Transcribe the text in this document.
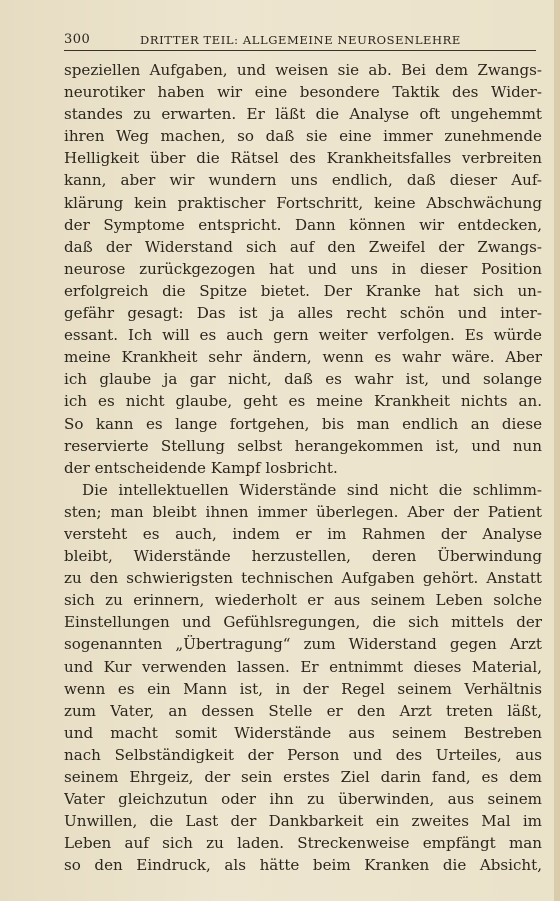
300	DRITTER TEIL: ALLGEMEINE NEUROSENLEHRE
speziellen Aufgaben, und weisen sie ab. Bei dem Zwangs-
neurotiker haben wir eine besondere Taktik des Wider-
standes zu erwarten. Er läßt die Analyse oft ungehemmt
ihren Weg machen, so daß sie eine immer zunehmende
Helligkeit über die Rätsel des Krankheitsfalles verbreiten
kann, aber wir wundern uns endlich, daß dieser Auf-
klärung kein praktischer Fortschritt, keine Abschwächung
der Symptome entspricht. Dann können wir entdecken,
daß der Widerstand sich auf den Zweifel der Zwangs-
neurose zurückgezogen hat und uns in dieser Position
erfolgreich die Spitze bietet. Der Kranke hat sich un-
gefähr gesagt: Das ist ja alles recht schön und inter-
essant. Ich will es auch gern weiter verfolgen. Es würde
meine Krankheit sehr ändern, wenn es wahr wäre. Aber
ich glaube ja gar nicht, daß es wahr ist, und solange
ich es nicht glaube, geht es meine Krankheit nichts an.
So kann es lange fortgehen, bis man endlich an diese
reservierte Stellung selbst herangekommen ist, und nun
der entscheidende Kampf losbricht.
Die intellektuellen Widerstände sind nicht die schlimm-
sten; man bleibt ihnen immer überlegen. Aber der Patient
versteht es auch, indem er im Rahmen der Analyse
bleibt, Widerstände herzustellen, deren Überwindung
zu den schwierigsten technischen Aufgaben gehört. Anstatt
sich zu erinnern, wiederholt er aus seinem Leben solche
Einstellungen und Gefühlsregungen, die sich mittels der
sogenannten „Übertragung“ zum Widerstand gegen Arzt
und Kur verwenden lassen. Er entnimmt dieses Material,
wenn es ein Mann ist, in der Regel seinem Verhältnis
zum Vater, an dessen Stelle er den Arzt treten läßt,
und macht somit Widerstände aus seinem Bestreben
nach Selbständigkeit der Person und des Urteiles, aus
seinem Ehrgeiz, der sein erstes Ziel darin fand, es dem
Vater gleichzutun oder ihn zu überwinden, aus seinem
Unwillen, die Last der Dankbarkeit ein zweites Mal im
Leben auf sich zu laden. Streckenweise empfängt man
so den Eindruck, als hätte beim Kranken die Absicht,
